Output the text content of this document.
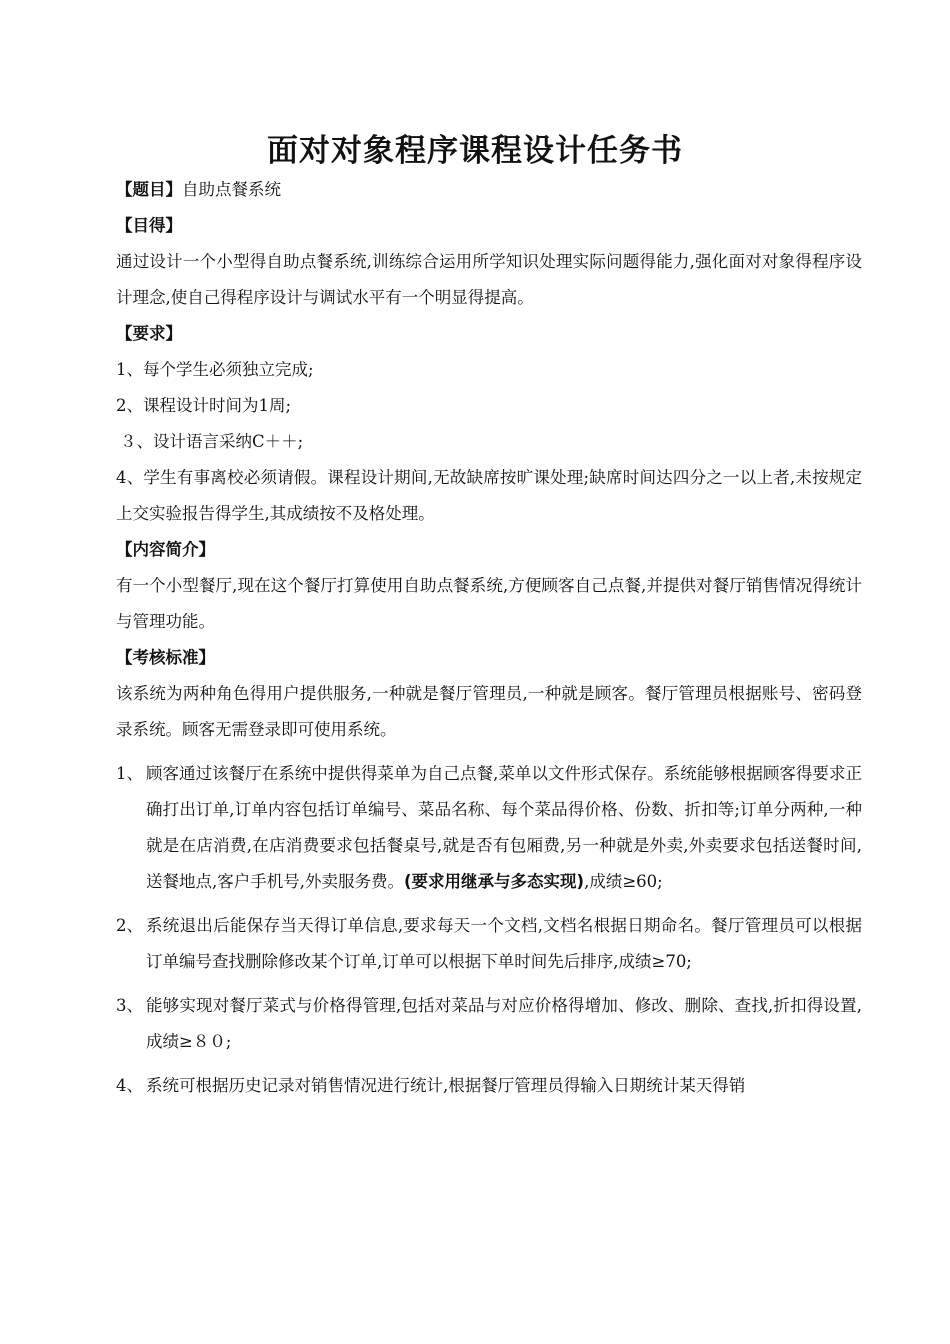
面对对象程序课程设计任务书

【题目】自助点餐系统

【目得】

通过设计一个小型得自助点餐系统,训练综合运用所学知识处理实际问题得能力,强化面对对象得程序设计理念,使自己得程序设计与调试水平有一个明显得提高。

【要求】

1、每个学生必须独立完成;

2、课程设计时间为1周;

３、设计语言采纳C＋＋;

4、学生有事离校必须请假。课程设计期间,无故缺席按旷课处理;缺席时间达四分之一以上者,未按规定上交实验报告得学生,其成绩按不及格处理。

【内容简介】

有一个小型餐厅,现在这个餐厅打算使用自助点餐系统,方便顾客自己点餐,并提供对餐厅销售情况得统计与管理功能。

【考核标准】

该系统为两种角色得用户提供服务,一种就是餐厅管理员,一种就是顾客。餐厅管理员根据账号、密码登录系统。顾客无需登录即可使用系统。

1、 顾客通过该餐厅在系统中提供得菜单为自己点餐,菜单以文件形式保存。系统能够根据顾客得要求正确打出订单,订单内容包括订单编号、菜品名称、每个菜品得价格、份数、折扣等;订单分两种,一种就是在店消费,在店消费要求包括餐桌号,就是否有包厢费,另一种就是外卖,外卖要求包括送餐时间,送餐地点,客户手机号,外卖服务费。(要求用继承与多态实现),成绩≥60;

2、 系统退出后能保存当天得订单信息,要求每天一个文档,文档名根据日期命名。餐厅管理员可以根据订单编号查找删除修改某个订单,订单可以根据下单时间先后排序,成绩≥70;

3、 能够实现对餐厅菜式与价格得管理,包括对菜品与对应价格得增加、修改、删除、查找,折扣得设置,成绩≥８０;

4、 系统可根据历史记录对销售情况进行统计,根据餐厅管理员得输入日期统计某天得销
